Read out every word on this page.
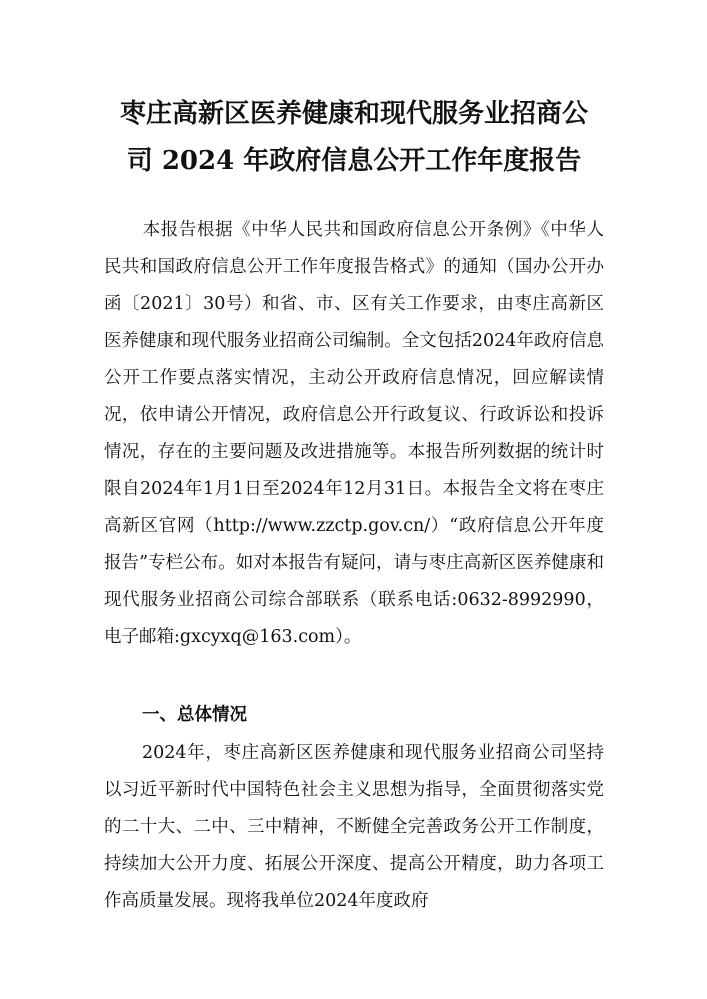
枣庄高新区医养健康和现代服务业招商公
司 2024 年政府信息公开工作年度报告

本报告根据《中华人民共和国政府信息公开条例》《中华人民共和国政府信息公开工作年度报告格式》的通知（国办公开办函〔2021〕30号）和省、市、区有关工作要求，由枣庄高新区医养健康和现代服务业招商公司编制。全文包括2024年政府信息公开工作要点落实情况，主动公开政府信息情况，回应解读情况，依申请公开情况，政府信息公开行政复议、行政诉讼和投诉情况，存在的主要问题及改进措施等。本报告所列数据的统计时限自2024年1月1日至2024年12月31日。本报告全文将在枣庄高新区官网（http://www.zzctp.gov.cn/）“政府信息公开年度报告”专栏公布。如对本报告有疑问，请与枣庄高新区医养健康和现代服务业招商公司综合部联系（联系电话:0632-8992990，电子邮箱:gxcyxq@163.com）。

一、总体情况

2024年，枣庄高新区医养健康和现代服务业招商公司坚持以习近平新时代中国特色社会主义思想为指导，全面贯彻落实党的二十大、二中、三中精神，不断健全完善政务公开工作制度，持续加大公开力度、拓展公开深度、提高公开精度，助力各项工作高质量发展。现将我单位2024年度政府
